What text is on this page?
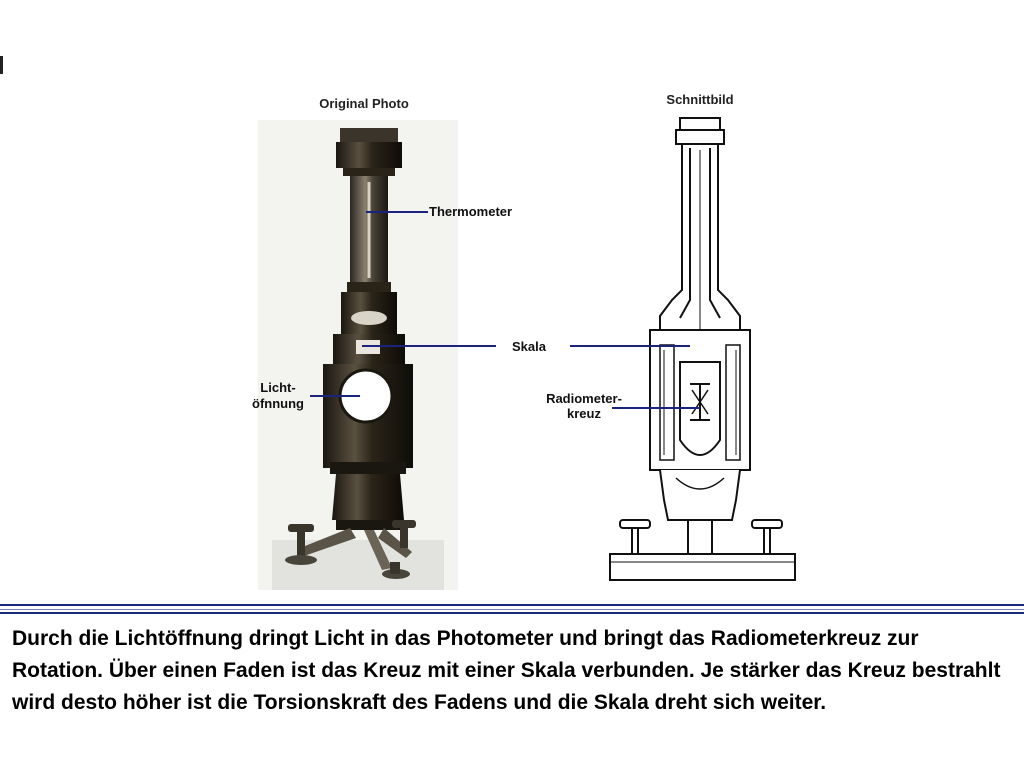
Original Photo	Schnittbild
Thermometer
Skala
Licht-
öfnnung	Radiometer-
kreuz
Durch die Lichtöffnung dringt Licht in das Photometer und bringt das Radiometerkreuz zur Rotation. Über einen Faden ist das Kreuz mit einer Skala verbunden. Je stärker das Kreuz bestrahlt wird desto höher ist die Torsionskraft des Fadens und die Skala dreht sich weiter.
